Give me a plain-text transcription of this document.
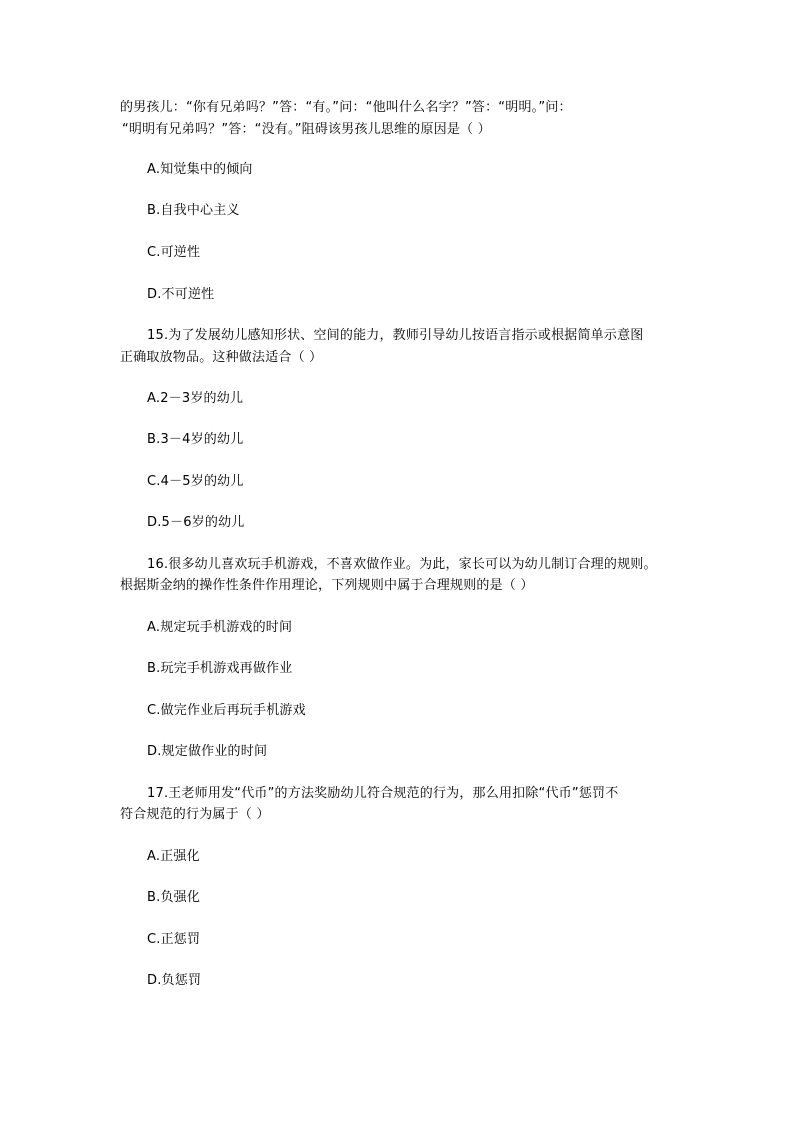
的男孩儿：“你有兄弟吗？”答：“有。”问：“他叫什么名字？”答：“明明。”问：
“明明有兄弟吗？”答：“没有。”阻碍该男孩儿思维的原因是（ ）
A.知觉集中的倾向
B.自我中心主义
C.可逆性
D.不可逆性
15.为了发展幼儿感知形状、空间的能力，教师引导幼儿按语言指示或根据简单示意图
正确取放物品。这种做法适合（ ）
A.2－3岁的幼儿
B.3－4岁的幼儿
C.4－5岁的幼儿
D.5－6岁的幼儿
16.很多幼儿喜欢玩手机游戏，不喜欢做作业。为此，家长可以为幼儿制订合理的规则。
根据斯金纳的操作性条件作用理论，下列规则中属于合理规则的是（ ）
A.规定玩手机游戏的时间
B.玩完手机游戏再做作业
C.做完作业后再玩手机游戏
D.规定做作业的时间
17.王老师用发“代币”的方法奖励幼儿符合规范的行为，那么用扣除“代币”惩罚不
符合规范的行为属于（ ）
A.正强化
B.负强化
C.正惩罚
D.负惩罚
